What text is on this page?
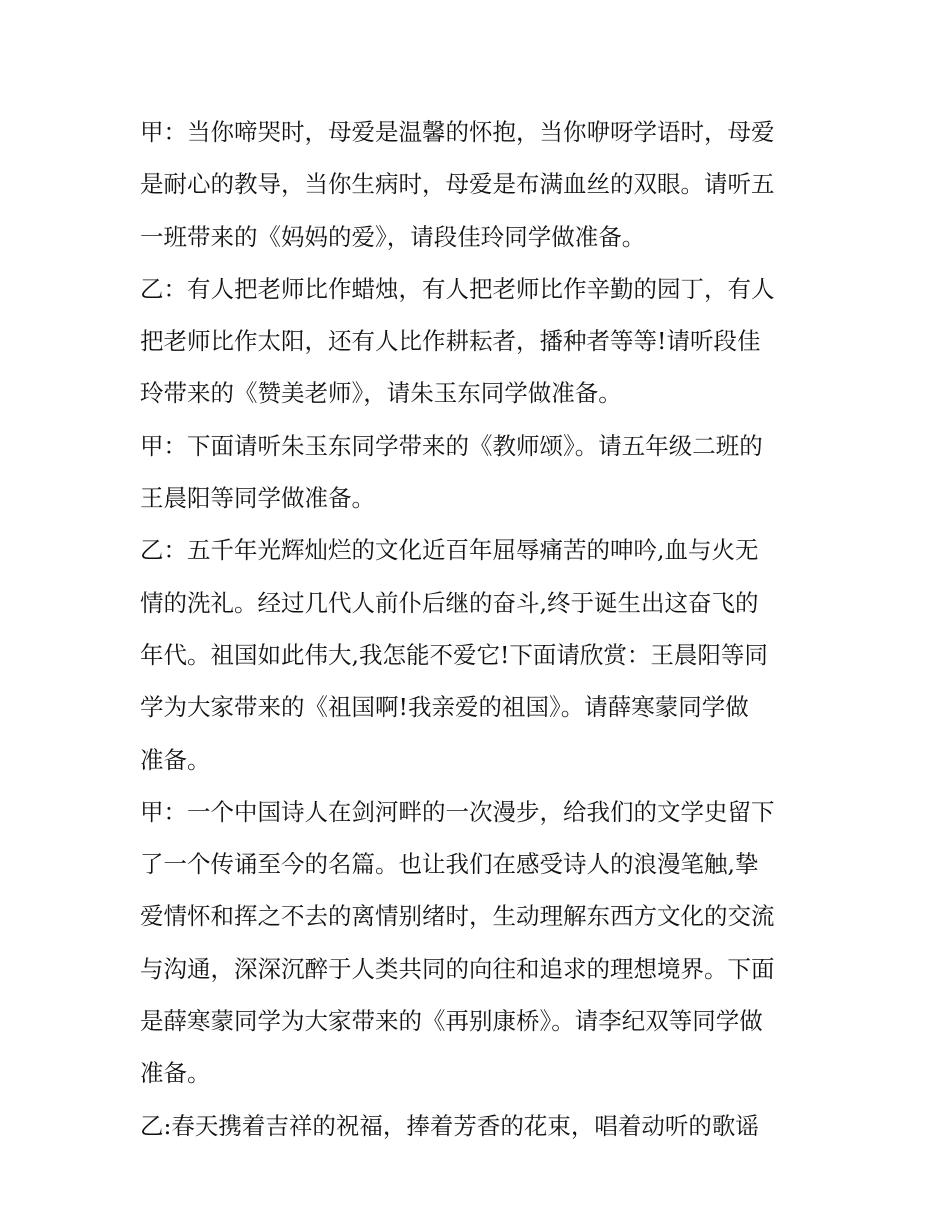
甲：当你啼哭时，母爱是温馨的怀抱，当你咿呀学语时，母爱
是耐心的教导，当你生病时，母爱是布满血丝的双眼。请听五
一班带来的《妈妈的爱》，请段佳玲同学做准备。
乙：有人把老师比作蜡烛，有人把老师比作辛勤的园丁，有人
把老师比作太阳，还有人比作耕耘者，播种者等等!请听段佳
玲带来的《赞美老师》，请朱玉东同学做准备。
甲：下面请听朱玉东同学带来的《教师颂》。请五年级二班的
王晨阳等同学做准备。
乙：五千年光辉灿烂的文化近百年屈辱痛苦的呻吟,血与火无
情的洗礼。经过几代人前仆后继的奋斗,终于诞生出这奋飞的
年代。祖国如此伟大,我怎能不爱它!下面请欣赏：王晨阳等同
学为大家带来的《祖国啊!我亲爱的祖国》。请薛寒蒙同学做
准备。
甲：一个中国诗人在剑河畔的一次漫步，给我们的文学史留下
了一个传诵至今的名篇。也让我们在感受诗人的浪漫笔触,挚
爱情怀和挥之不去的离情别绪时，生动理解东西方文化的交流
与沟通，深深沉醉于人类共同的向往和追求的理想境界。下面
是薛寒蒙同学为大家带来的《再别康桥》。请李纪双等同学做
准备。
乙:春天携着吉祥的祝福，捧着芳香的花束，唱着动听的歌谣
